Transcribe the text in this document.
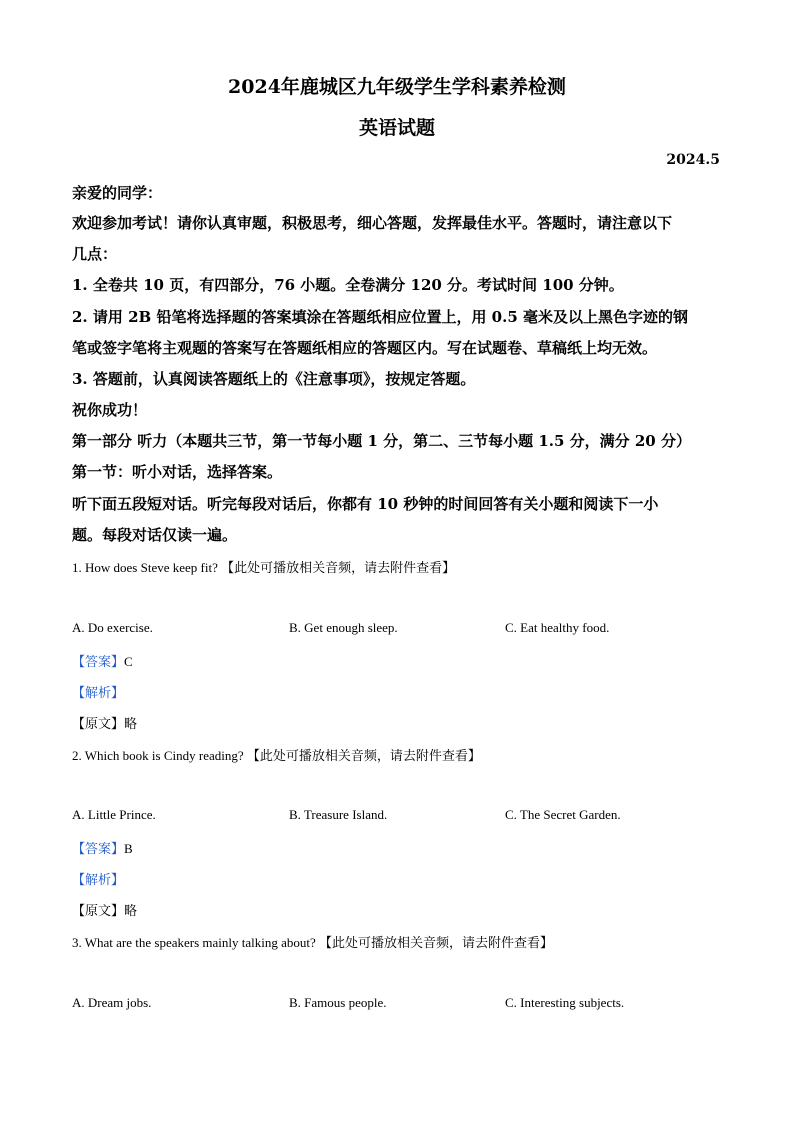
2024年鹿城区九年级学生学科素养检测
英语试题
2024.5
亲爱的同学：
欢迎参加考试！请你认真审题，积极思考，细心答题，发挥最佳水平。答题时，请注意以下
几点：
1. 全卷共 10 页，有四部分，76 小题。全卷满分 120 分。考试时间 100 分钟。
2. 请用 2B 铅笔将选择题的答案填涂在答题纸相应位置上，用 0.5 毫米及以上黑色字迹的钢
笔或签字笔将主观题的答案写在答题纸相应的答题区内。写在试题卷、草稿纸上均无效。
3. 答题前，认真阅读答题纸上的《注意事项》，按规定答题。
祝你成功！
第一部分 听力（本题共三节，第一节每小题 1 分，第二、三节每小题 1.5 分，满分 20 分）
第一节：听小对话，选择答案。
听下面五段短对话。听完每段对话后，你都有 10 秒钟的时间回答有关小题和阅读下一小
题。每段对话仅读一遍。
1. How does Steve keep fit? 【此处可播放相关音频，请去附件查看】
A. Do exercise.	B. Get enough sleep.	C. Eat healthy food.
【答案】C
【解析】
【原文】略
2. Which book is Cindy reading? 【此处可播放相关音频，请去附件查看】
A. Little Prince.	B. Treasure Island.	C. The Secret Garden.
【答案】B
【解析】
【原文】略
3. What are the speakers mainly talking about? 【此处可播放相关音频，请去附件查看】
A. Dream jobs.	B. Famous people.	C. Interesting subjects.
